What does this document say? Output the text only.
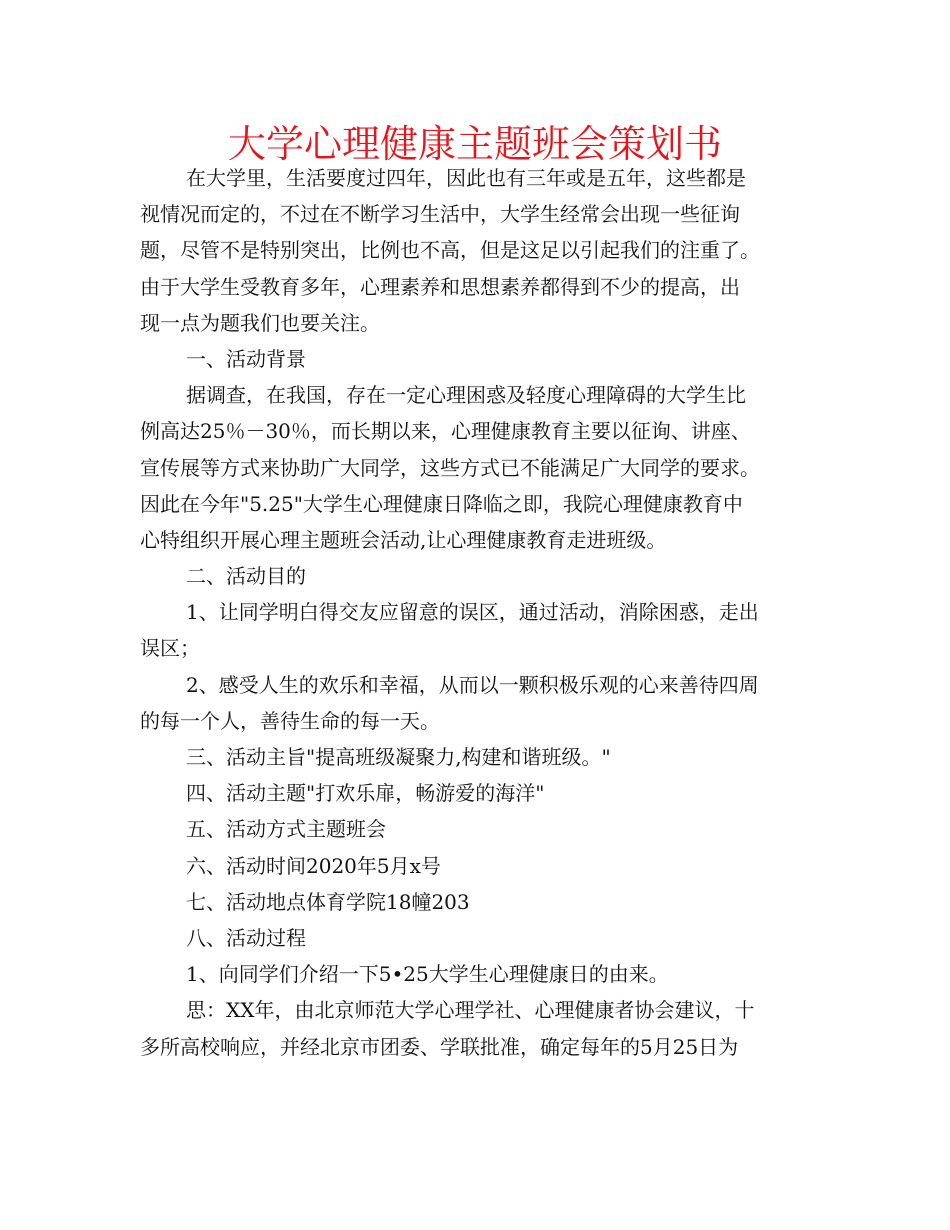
大学心理健康主题班会策划书
在大学里，生活要度过四年，因此也有三年或是五年，这些都是
视情况而定的，不过在不断学习生活中，大学生经常会出现一些征询
题，尽管不是特别突出，比例也不高，但是这足以引起我们的注重了。
由于大学生受教育多年，心理素养和思想素养都得到不少的提高，出
现一点为题我们也要关注。
一、活动背景
据调查，在我国，存在一定心理困惑及轻度心理障碍的大学生比
例高达25％－30％，而长期以来，心理健康教育主要以征询、讲座、
宣传展等方式来协助广大同学，这些方式已不能满足广大同学的要求。
因此在今年"5.25"大学生心理健康日降临之即，我院心理健康教育中
心特组织开展心理主题班会活动,让心理健康教育走进班级。
二、活动目的
1、让同学明白得交友应留意的误区，通过活动，消除困惑，走出
误区；
2、感受人生的欢乐和幸福，从而以一颗积极乐观的心来善待四周
的每一个人，善待生命的每一天。
三、活动主旨"提高班级凝聚力,构建和谐班级。"
四、活动主题"打欢乐扉，畅游爱的海洋"
五、活动方式主题班会
六、活动时间2020年5月x号
七、活动地点体育学院18幢203
八、活动过程
1、向同学们介绍一下5•25大学生心理健康日的由来。
思：XX年，由北京师范大学心理学社、心理健康者协会建议，十
多所高校响应，并经北京市团委、学联批准，确定每年的5月25日为
